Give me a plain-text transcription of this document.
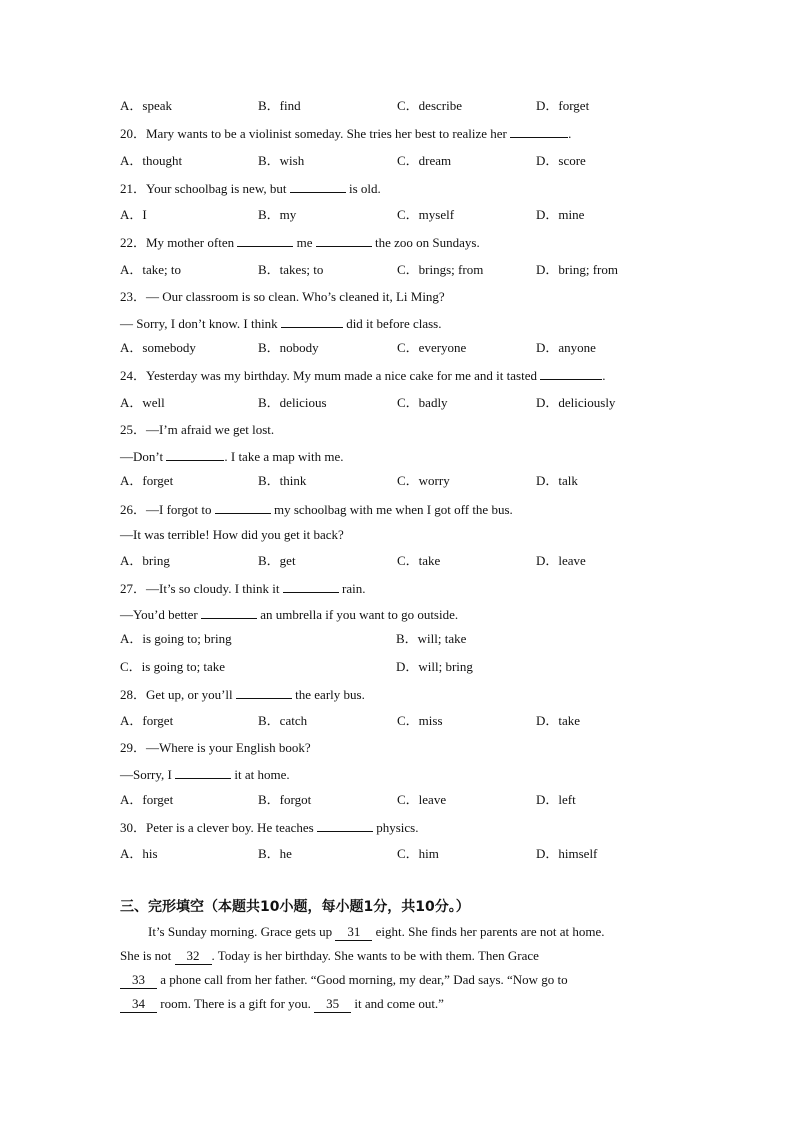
A．speak	B．find	C．describe	D．forget
20．Mary wants to be a violinist someday. She tries her best to realize her	.
A．thought	B．wish	C．dream	D．score
21．Your schoolbag is new, but	is old.
A．I	B．my	C．myself	D．mine
22．My mother often	me	the zoo on Sundays.
A．take; to	B．takes; to	C．brings; from	D．bring; from
23．— Our classroom is so clean. Who’s cleaned it, Li Ming?
— Sorry, I don’t know. I think	did it before class.
A．somebody	B．nobody	C．everyone	D．anyone
24．Yesterday was my birthday. My mum made a nice cake for me and it tasted	.
A．well	B．delicious	C．badly	D．deliciously
25．—I’m afraid we get lost.
—Don’t	. I take a map with me.
A．forget	B．think	C．worry	D．talk
26．—I forgot to	my schoolbag with me when I got off the bus.
—It was terrible! How did you get it back?
A．bring	B．get	C．take	D．leave
27．—It’s so cloudy. I think it	rain.
—You’d better	an umbrella if you want to go outside.
A．is going to; bring	B．will; take
C．is going to; take	D．will; bring
28．Get up, or you’ll	the early bus.
A．forget	B．catch	C．miss	D．take
29．—Where is your English book?
—Sorry, I	it at home.
A．forget	B．forgot	C．leave	D．left
30．Peter is a clever boy. He teaches	physics.
A．his	B．he	C．him	D．himself
三、完形填空（本题共10小题，每小题1分，共10分。）
It’s Sunday morning. Grace gets up 31 eight. She finds her parents are not at home.
She is not 32 . Today is her birthday. She wants to be with them. Then Grace
33 a phone call from her father. “Good morning, my dear,” Dad says. “Now go to
34 room. There is a gift for you. 35 it and come out.”
